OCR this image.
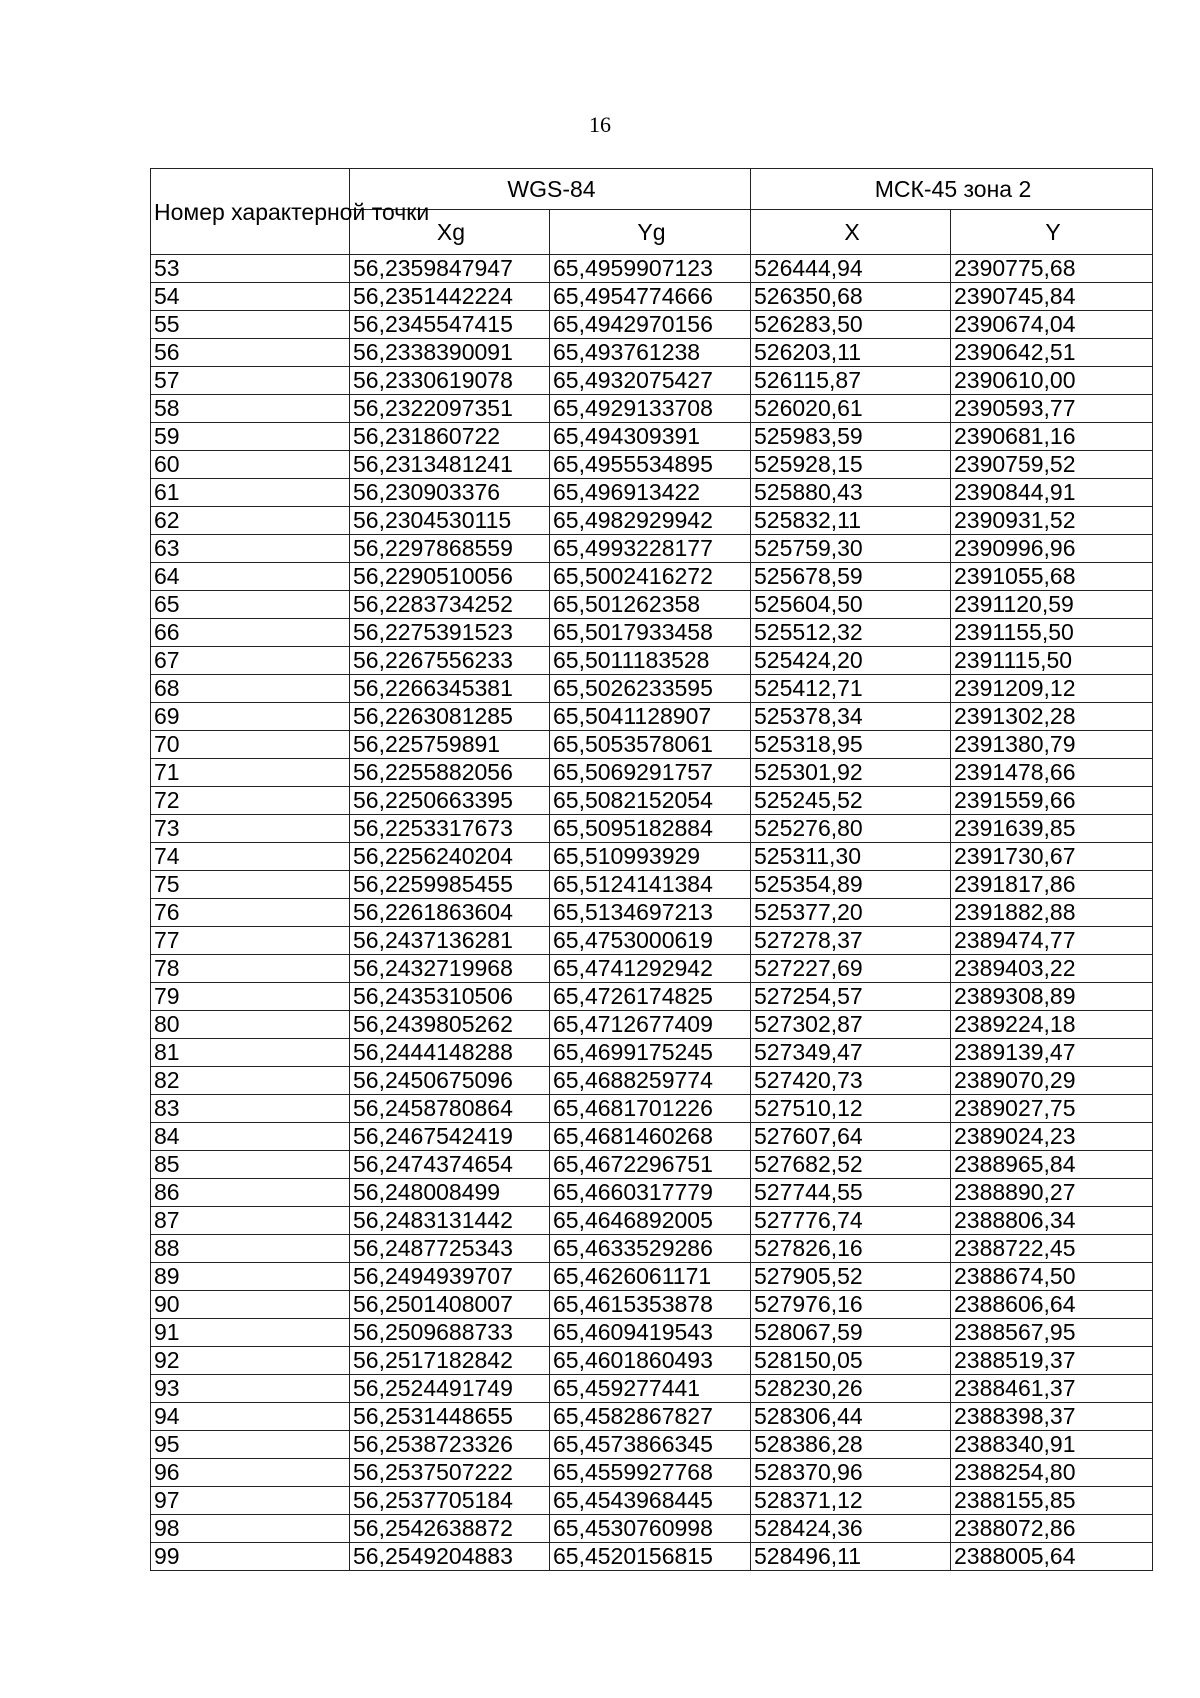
16
Номер характерной точки	WGS-84		МСК-45 зона 2	
	Xg	Yg	X	Y
53	56,2359847947	65,4959907123	526444,94	2390775,68
54	56,2351442224	65,4954774666	526350,68	2390745,84
55	56,2345547415	65,4942970156	526283,50	2390674,04
56	56,2338390091	65,493761238	526203,11	2390642,51
57	56,2330619078	65,4932075427	526115,87	2390610,00
58	56,2322097351	65,4929133708	526020,61	2390593,77
59	56,231860722	65,494309391	525983,59	2390681,16
60	56,2313481241	65,4955534895	525928,15	2390759,52
61	56,230903376	65,496913422	525880,43	2390844,91
62	56,2304530115	65,4982929942	525832,11	2390931,52
63	56,2297868559	65,4993228177	525759,30	2390996,96
64	56,2290510056	65,5002416272	525678,59	2391055,68
65	56,2283734252	65,501262358	525604,50	2391120,59
66	56,2275391523	65,5017933458	525512,32	2391155,50
67	56,2267556233	65,5011183528	525424,20	2391115,50
68	56,2266345381	65,5026233595	525412,71	2391209,12
69	56,2263081285	65,5041128907	525378,34	2391302,28
70	56,225759891	65,5053578061	525318,95	2391380,79
71	56,2255882056	65,5069291757	525301,92	2391478,66
72	56,2250663395	65,5082152054	525245,52	2391559,66
73	56,2253317673	65,5095182884	525276,80	2391639,85
74	56,2256240204	65,510993929	525311,30	2391730,67
75	56,2259985455	65,5124141384	525354,89	2391817,86
76	56,2261863604	65,5134697213	525377,20	2391882,88
77	56,2437136281	65,4753000619	527278,37	2389474,77
78	56,2432719968	65,4741292942	527227,69	2389403,22
79	56,2435310506	65,4726174825	527254,57	2389308,89
80	56,2439805262	65,4712677409	527302,87	2389224,18
81	56,2444148288	65,4699175245	527349,47	2389139,47
82	56,2450675096	65,4688259774	527420,73	2389070,29
83	56,2458780864	65,4681701226	527510,12	2389027,75
84	56,2467542419	65,4681460268	527607,64	2389024,23
85	56,2474374654	65,4672296751	527682,52	2388965,84
86	56,248008499	65,4660317779	527744,55	2388890,27
87	56,2483131442	65,4646892005	527776,74	2388806,34
88	56,2487725343	65,4633529286	527826,16	2388722,45
89	56,2494939707	65,4626061171	527905,52	2388674,50
90	56,2501408007	65,4615353878	527976,16	2388606,64
91	56,2509688733	65,4609419543	528067,59	2388567,95
92	56,2517182842	65,4601860493	528150,05	2388519,37
93	56,2524491749	65,459277441	528230,26	2388461,37
94	56,2531448655	65,4582867827	528306,44	2388398,37
95	56,2538723326	65,4573866345	528386,28	2388340,91
96	56,2537507222	65,4559927768	528370,96	2388254,80
97	56,2537705184	65,4543968445	528371,12	2388155,85
98	56,2542638872	65,4530760998	528424,36	2388072,86
99	56,2549204883	65,4520156815	528496,11	2388005,64
